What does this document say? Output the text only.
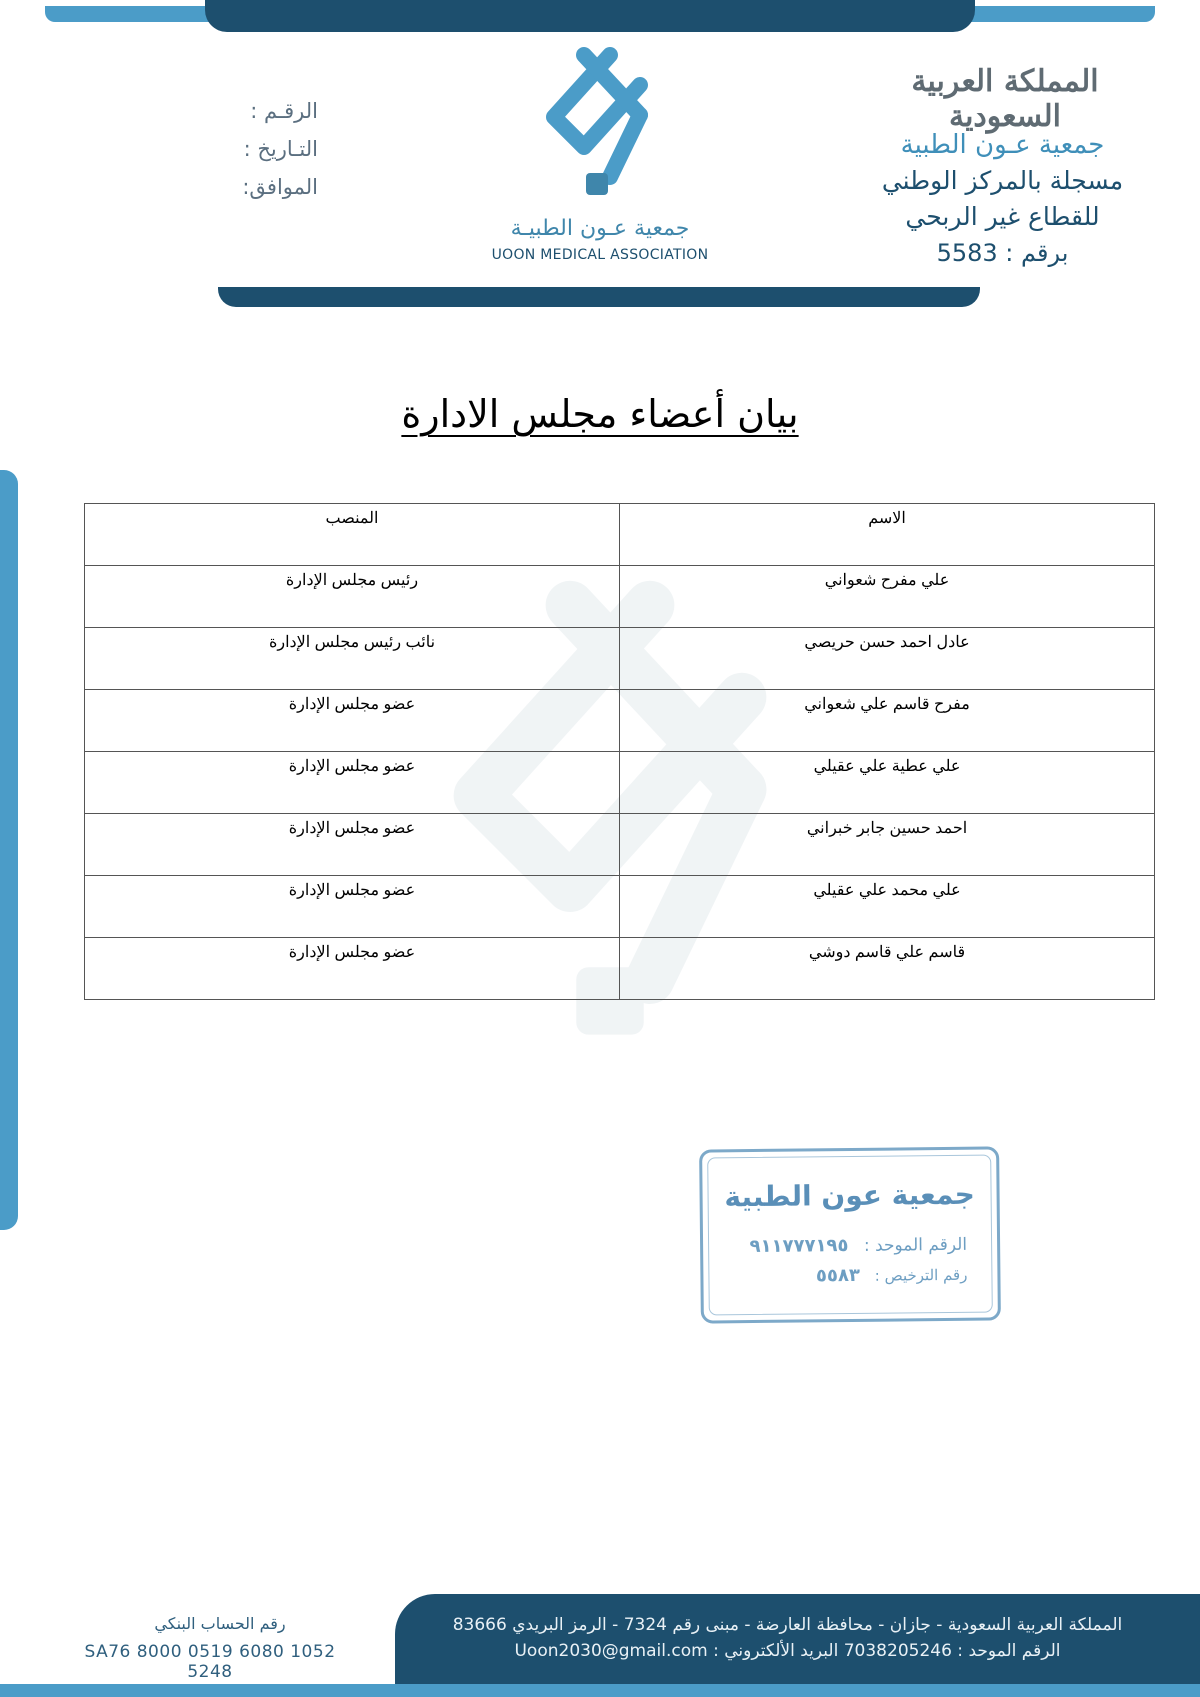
الرقـم :
التـاريخ :
الموافق:
جمعية عـون الطبيـة
UOON MEDICAL ASSOCIATION
المملكة العربية السعودية
جمعية عـون الطبية
مسجلة بالمركز الوطني
للقطاع غير الربحي
برقم : 5583
بيان أعضاء مجلس الادارة
الاسم	المنصب
علي مفرح شعواني	رئيس مجلس الإدارة
عادل احمد حسن حريصي	نائب رئيس مجلس الإدارة
مفرح قاسم علي شعواني	عضو مجلس الإدارة
علي عطية علي عقيلي	عضو مجلس الإدارة
احمد حسين جابر خبراني	عضو مجلس الإدارة
علي محمد علي عقيلي	عضو مجلس الإدارة
قاسم علي قاسم دوشي	عضو مجلس الإدارة
جمعية عون الطبية
الرقم الموحد : ٩١١٧٧٧١٩٥
رقم الترخيص : ٥٥٨٣
المملكة العربية السعودية - جازان - محافظة العارضة - مبنى رقم 7324 - الرمز البريدي 83666
الرقم الموحد : 7038205246 البريد الألكتروني : Uoon2030@gmail.com
رقم الحساب البنكي
SA76 8000 0519 6080 1052 5248
